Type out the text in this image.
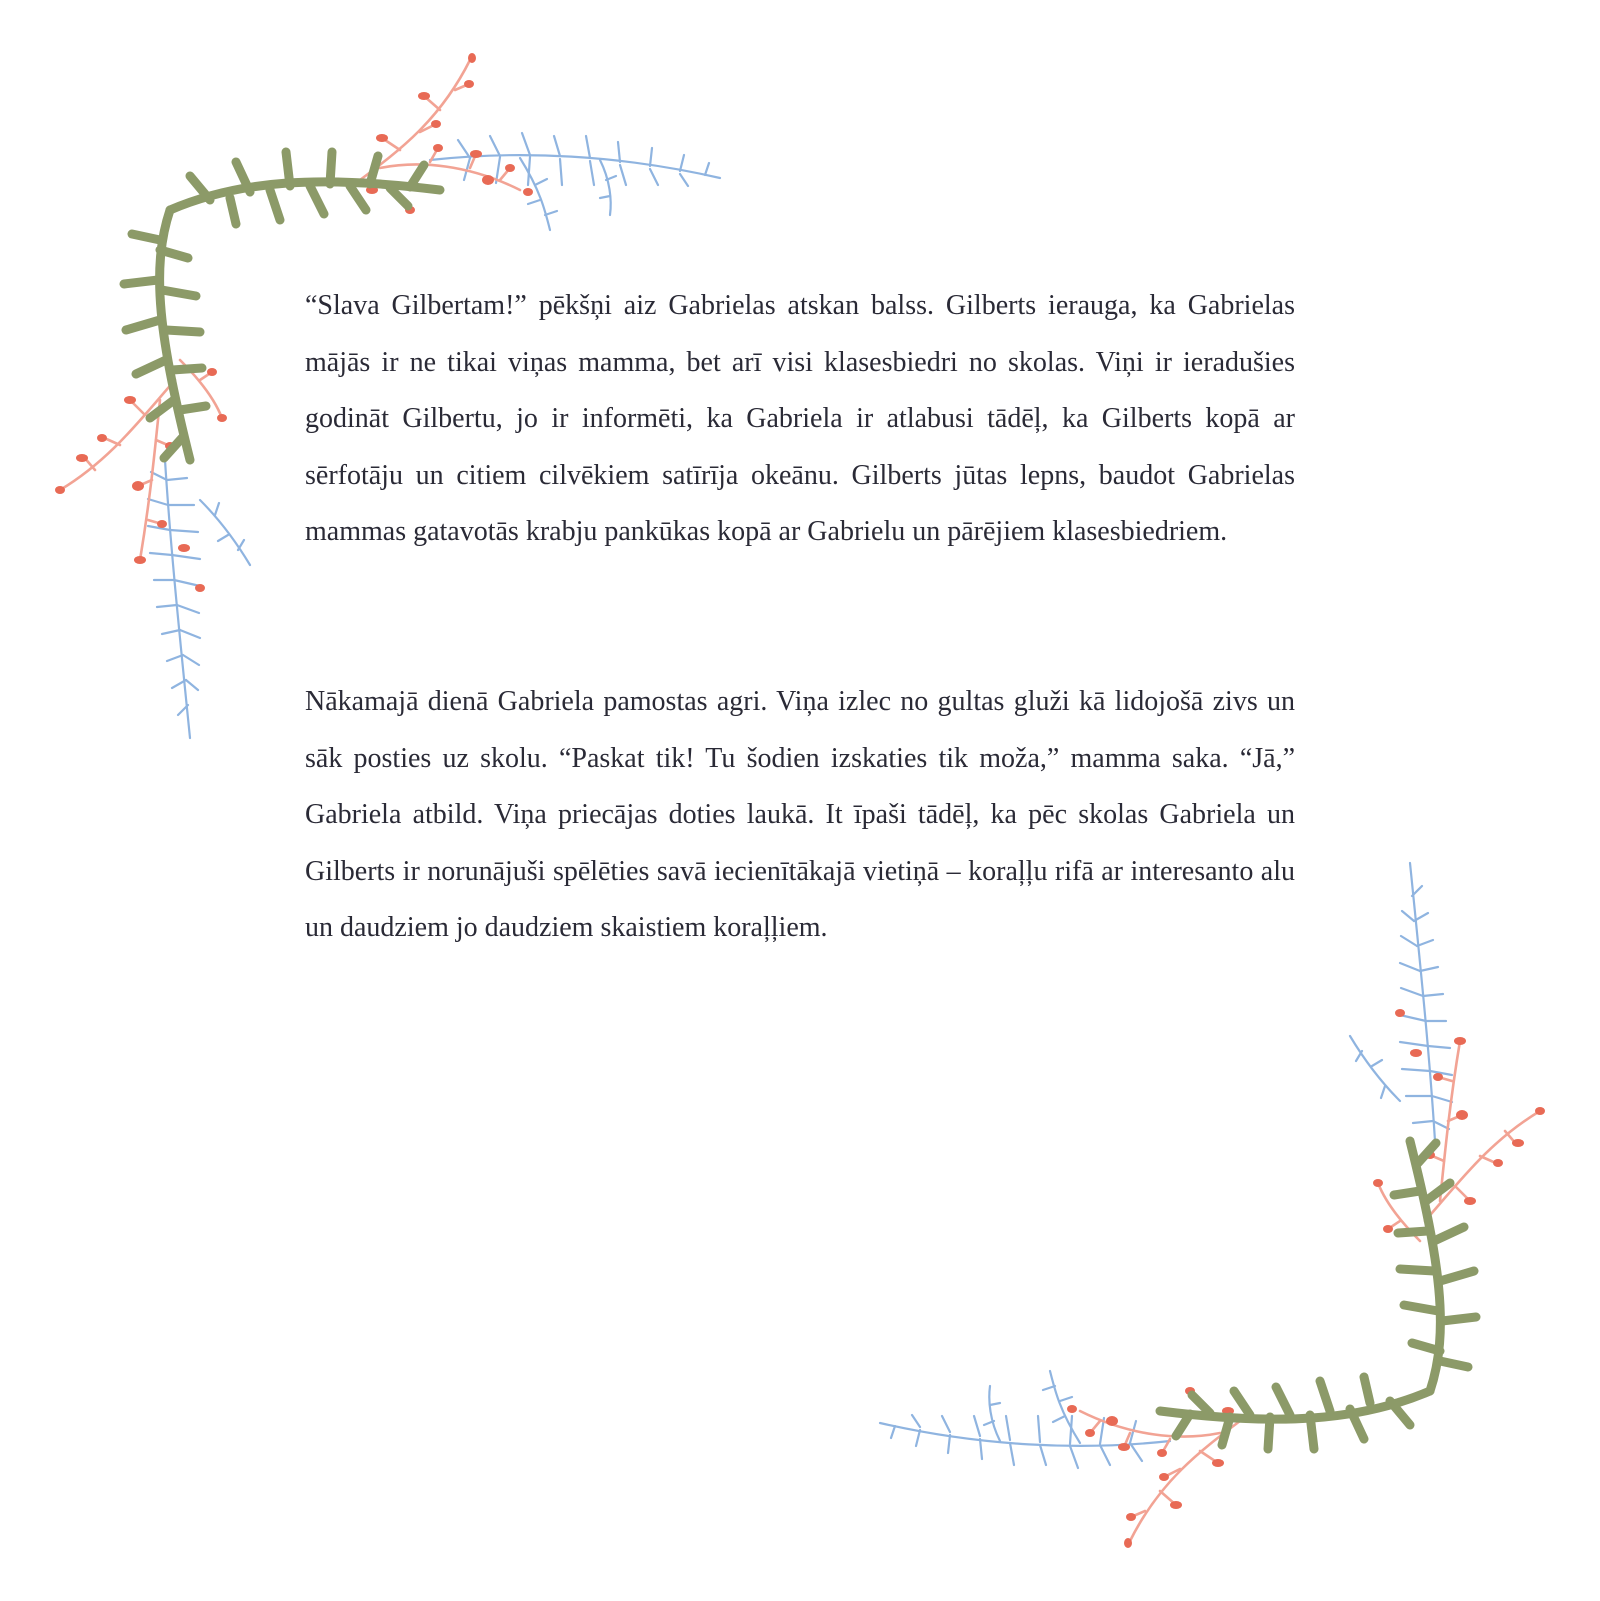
“Slava Gilbertam!” pēkšņi aiz Gabrielas atskan balss. Gilberts ierauga, ka Gabrielas mājās ir ne tikai viņas mamma, bet arī visi klasesbiedri no skolas. Viņi ir ieradušies godināt Gilbertu, jo ir informēti, ka Gabriela ir atlabusi tādēļ, ka Gilberts kopā ar sērfotāju un citiem cilvēkiem satīrīja okeānu. Gilberts jūtas lepns, baudot Gabrielas mammas gatavotās krabju pankūkas kopā ar Gabrielu un pārējiem klasesbiedriem.

Nākamajā dienā Gabriela pamostas agri. Viņa izlec no gultas gluži kā lidojošā zivs un sāk posties uz skolu. “Paskat tik! Tu šodien izskaties tik moža,” mamma saka. “Jā,” Gabriela atbild. Viņa priecājas doties laukā. It īpaši tādēļ, ka pēc skolas Gabriela un Gilberts ir norunājuši spēlēties savā iecienītākajā vietiņā – koraļļu rifā ar interesanto alu un daudziem jo daudziem skaistiem koraļļiem.
